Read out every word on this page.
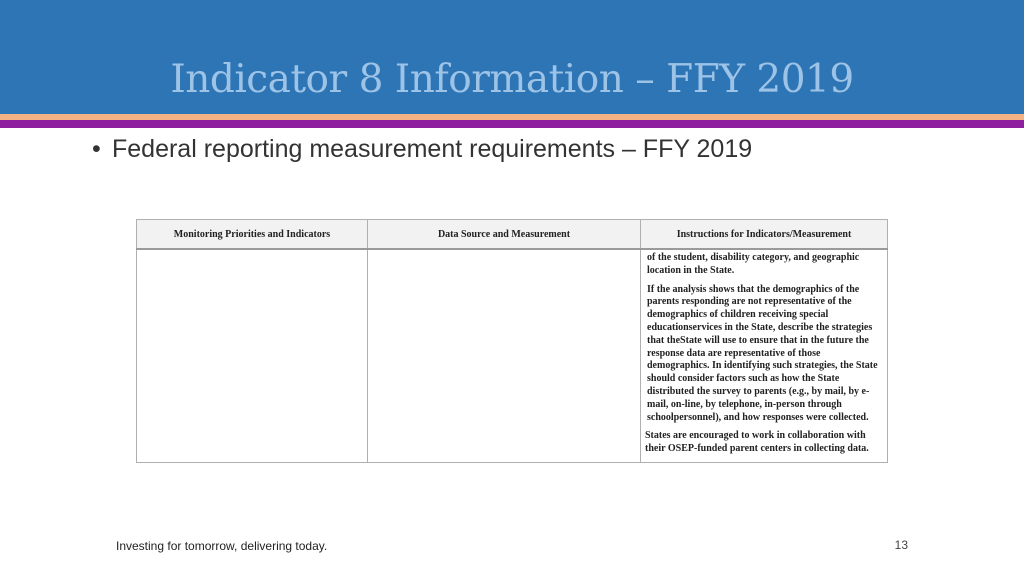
Indicator 8 Information – FFY 2019
• Federal reporting measurement requirements – FFY 2019
Monitoring Priorities and Indicators	Data Source and Measurement	Instructions for Indicators/Measurement

		of the student, disability category, and geographic location in the State.

If the analysis shows that the demographics of the parents responding are not representative of the demographics of children receiving special educationservices in the State, describe the strategies that theState will use to ensure that in the future the response data are representative of those demographics. In identifying such strategies, the State should consider factors such as how the State distributed the survey to parents (e.g., by mail, by e- mail, on-line, by telephone, in-person through schoolpersonnel), and how responses were collected.

States are encouraged to work in collaboration with their OSEP-funded parent centers in collecting data.

Investing for tomorrow, delivering today.	13
